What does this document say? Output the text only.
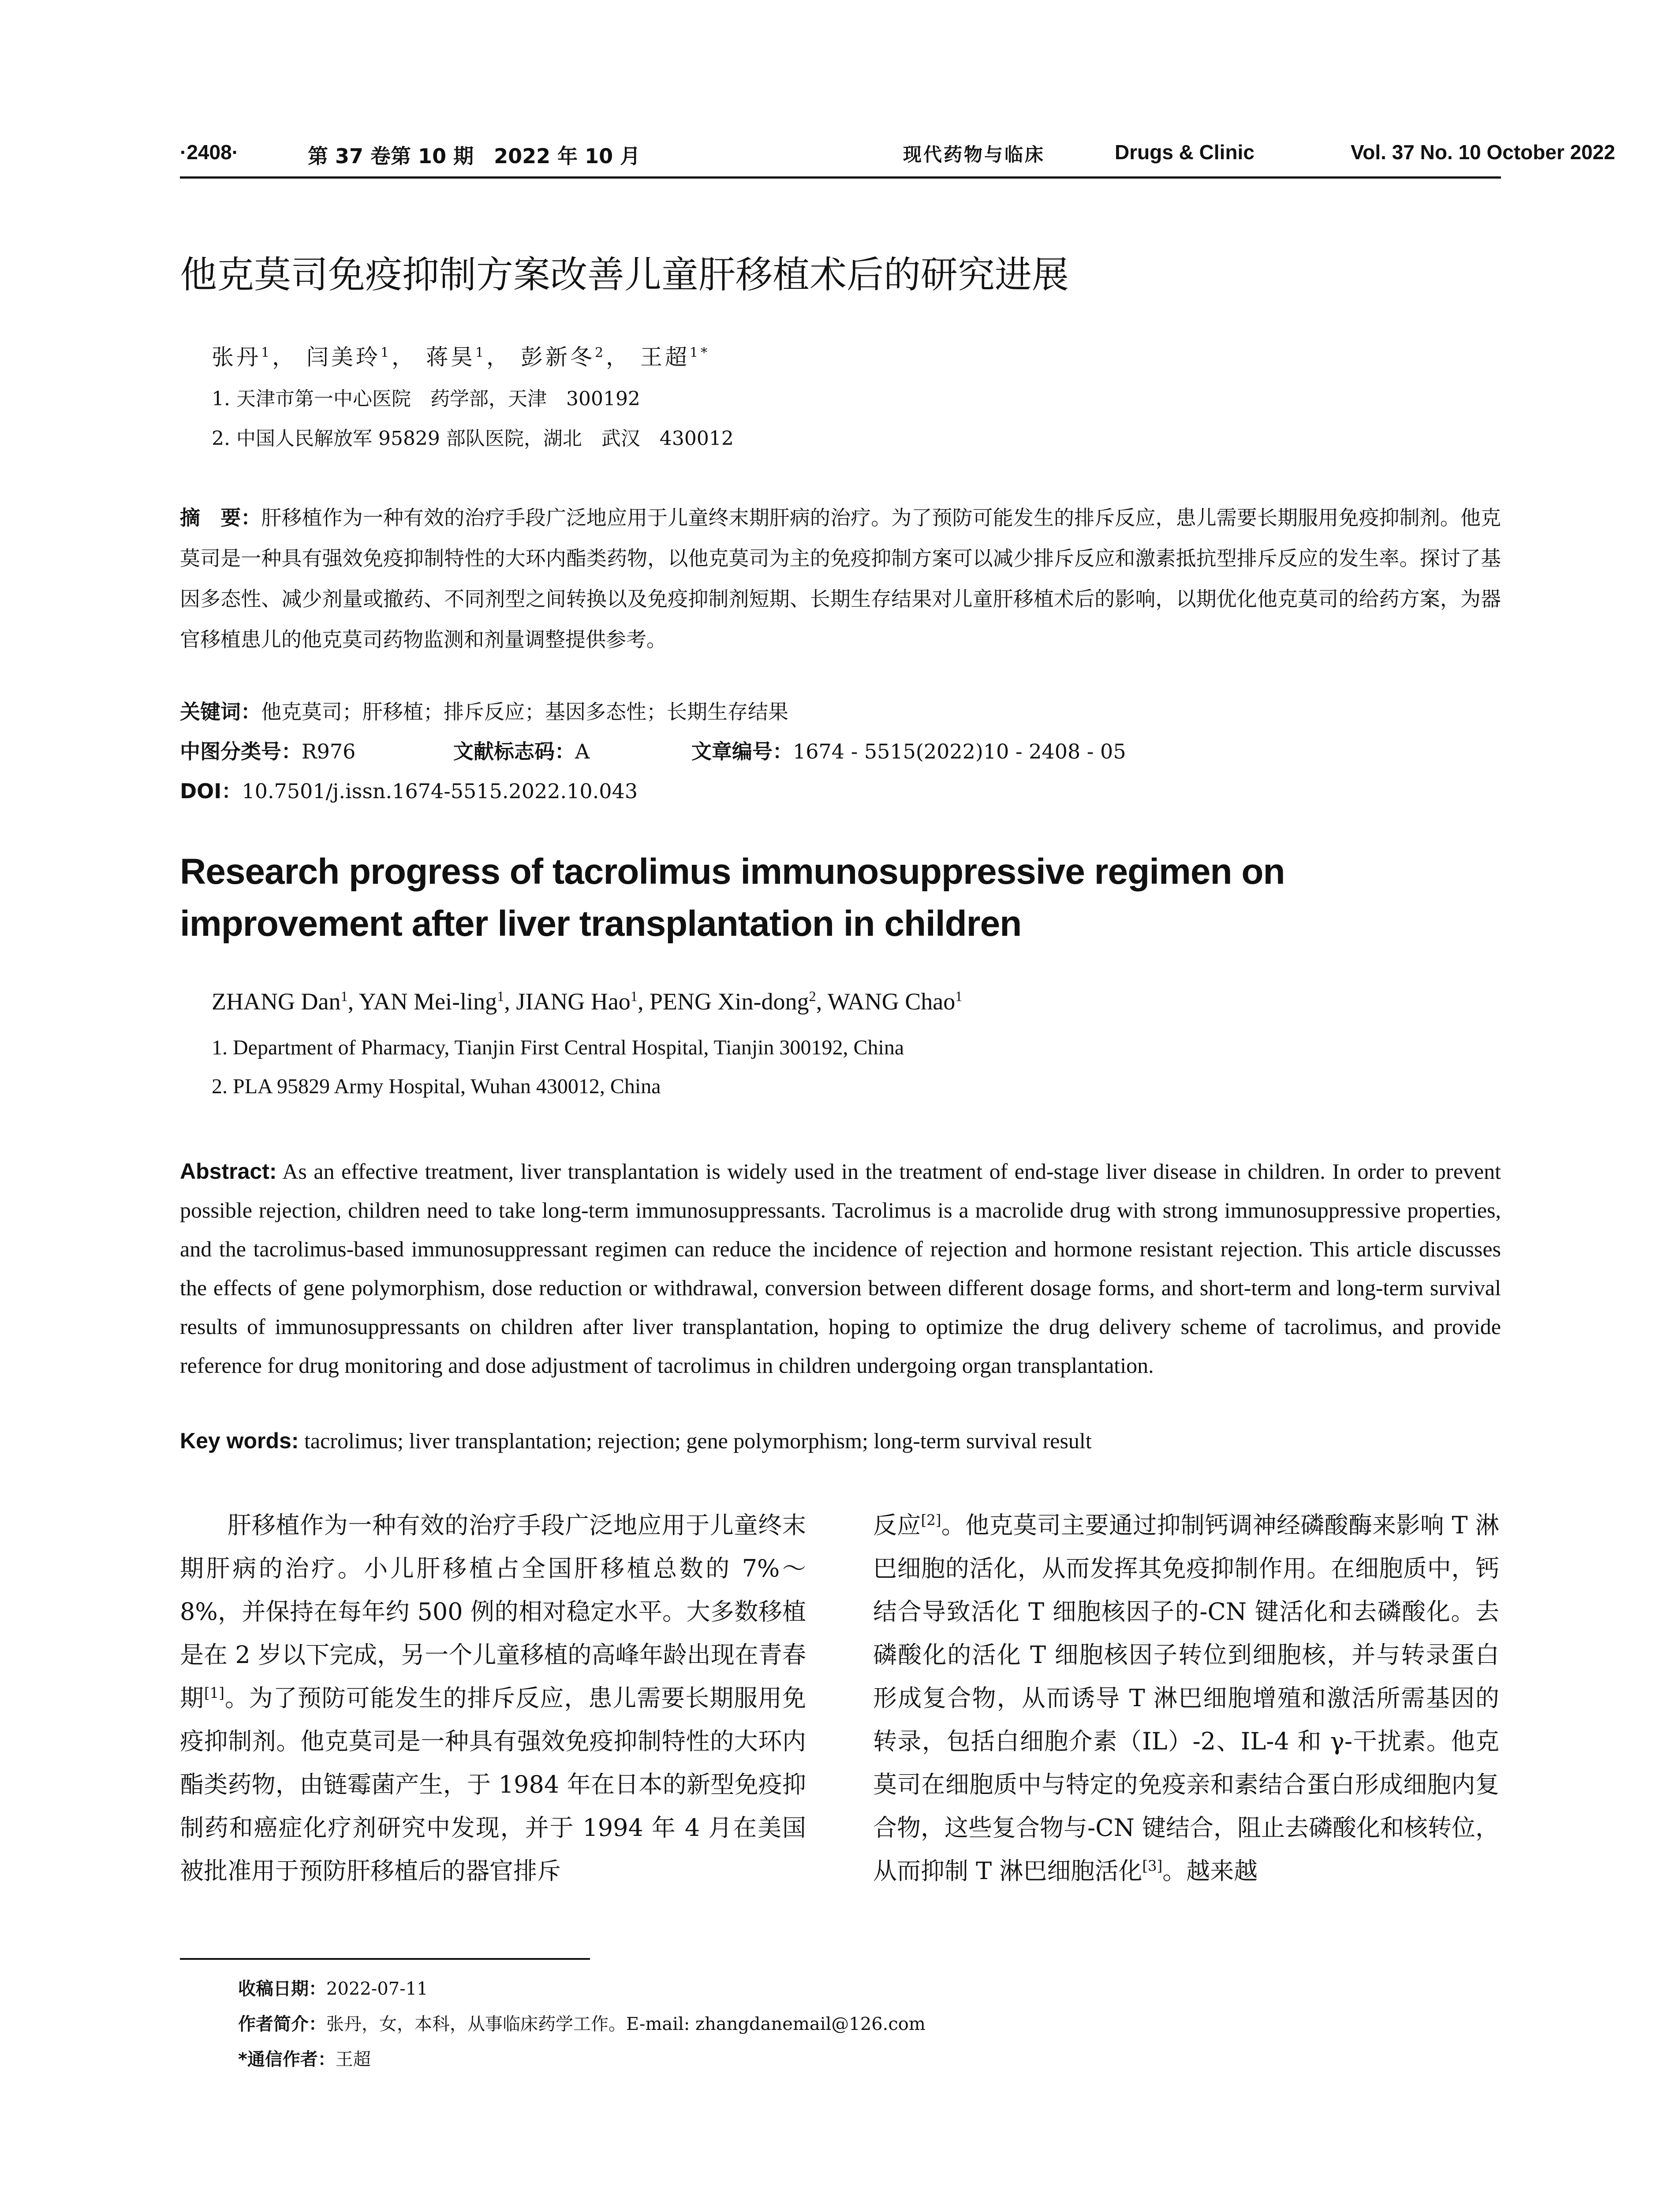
·2408·	第 37 卷第 10 期　2022 年 10 月	现代药物与临床	Drugs & Clinic	Vol. 37 No. 10 October 2022
他克莫司免疫抑制方案改善儿童肝移植术后的研究进展
张丹$^1$， 闫美玲$^1$， 蒋昊$^1$， 彭新冬$^2$， 王超$^{1*}$
1. 天津市第一中心医院　药学部，天津　300192
2. 中国人民解放军 95829 部队医院，湖北　武汉　430012
摘　要：肝移植作为一种有效的治疗手段广泛地应用于儿童终末期肝病的治疗。为了预防可能发生的排斥反应，患儿需要长期服用免疫抑制剂。他克莫司是一种具有强效免疫抑制特性的大环内酯类药物，以他克莫司为主的免疫抑制方案可以减少排斥反应和激素抵抗型排斥反应的发生率。探讨了基因多态性、减少剂量或撤药、不同剂型之间转换以及免疫抑制剂短期、长期生存结果对儿童肝移植术后的影响，以期优化他克莫司的给药方案，为器官移植患儿的他克莫司药物监测和剂量调整提供参考。
关键词：他克莫司；肝移植；排斥反应；基因多态性；长期生存结果
中图分类号：R976	文献标志码：A	文章编号：1674 - 5515(2022)10 - 2408 - 05
DOI：10.7501/j.issn.1674-5515.2022.10.043
Research progress of tacrolimus immunosuppressive regimen on improvement after liver transplantation in children
ZHANG Dan$^1$, YAN Mei-ling$^1$, JIANG Hao$^1$, PENG Xin-dong$^2$, WANG Chao$^1$
1. Department of Pharmacy, Tianjin First Central Hospital, Tianjin 300192, China
2. PLA 95829 Army Hospital, Wuhan 430012, China
Abstract: As an effective treatment, liver transplantation is widely used in the treatment of end-stage liver disease in children. In order to prevent possible rejection, children need to take long-term immunosuppressants. Tacrolimus is a macrolide drug with strong immunosuppressive properties, and the tacrolimus-based immunosuppressant regimen can reduce the incidence of rejection and hormone resistant rejection. This article discusses the effects of gene polymorphism, dose reduction or withdrawal, conversion between different dosage forms, and short-term and long-term survival results of immunosuppressants on children after liver transplantation, hoping to optimize the drug delivery scheme of tacrolimus, and provide reference for drug monitoring and dose adjustment of tacrolimus in children undergoing organ transplantation.
Key words: tacrolimus; liver transplantation; rejection; gene polymorphism; long-term survival result
肝移植作为一种有效的治疗手段广泛地应用于儿童终末期肝病的治疗。小儿肝移植占全国肝移植总数的 7%～8%，并保持在每年约 500 例的相对稳定水平。大多数移植是在 2 岁以下完成，另一个儿童移植的高峰年龄出现在青春期[1]。为了预防可能发生的排斥反应，患儿需要长期服用免疫抑制剂。他克莫司是一种具有强效免疫抑制特性的大环内酯类药物，由链霉菌产生，于 1984 年在日本的新型免疫抑制药和癌症化疗剂研究中发现，并于 1994 年 4 月在美国被批准用于预防肝移植后的器官排斥
反应[2]。他克莫司主要通过抑制钙调神经磷酸酶来影响 T 淋巴细胞的活化，从而发挥其免疫抑制作用。在细胞质中，钙结合导致活化 T 细胞核因子的-CN 键活化和去磷酸化。去磷酸化的活化 T 细胞核因子转位到细胞核，并与转录蛋白形成复合物，从而诱导 T 淋巴细胞增殖和激活所需基因的转录，包括白细胞介素（IL）-2、IL-4 和 γ-干扰素。他克莫司在细胞质中与特定的免疫亲和素结合蛋白形成细胞内复合物，这些复合物与-CN 键结合，阻止去磷酸化和核转位，从而抑制 T 淋巴细胞活化[3]。越来越
收稿日期：2022-07-11
作者简介：张丹，女，本科，从事临床药学工作。E-mail: zhangdanemail@126.com
*通信作者：王超
